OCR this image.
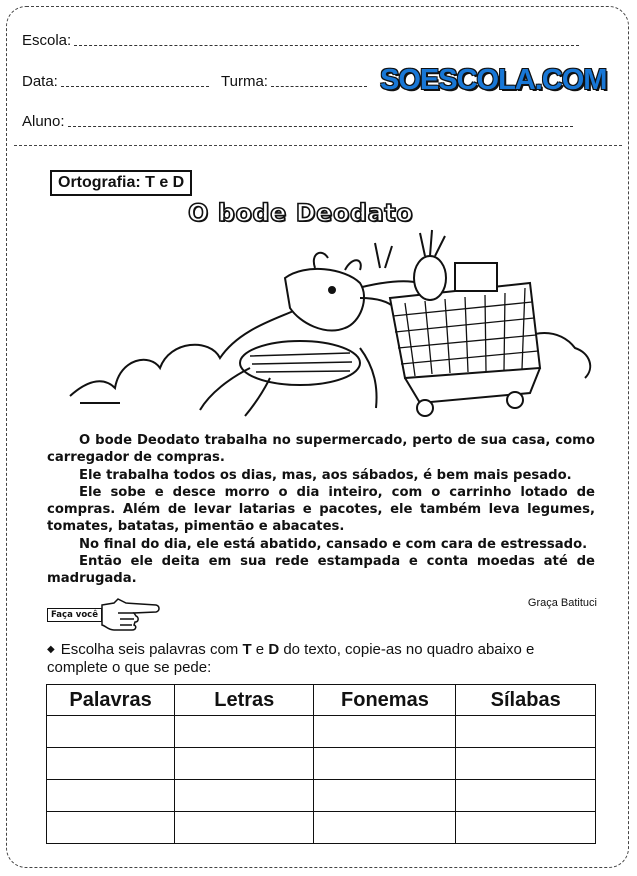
Escola:
Data:	Turma:	SOESCOLA.COM
Aluno:
Ortografia: T e D
O bode Deodato

O bode Deodato trabalha no supermercado, perto de sua casa, como carregador de compras.

Ele trabalha todos os dias, mas, aos sábados, é bem mais pesado.

Ele sobe e desce morro o dia inteiro, com o carrinho lotado de compras. Além de levar latarias e pacotes, ele também leva legumes, tomates, batatas, pimentão e abacates.

No final do dia, ele está abatido, cansado e com cara de estressado.

Então ele deita em sua rede estampada e conta moedas até de madrugada.

Graça Batituci
Faça você
◆ Escolha seis palavras com T e D do texto, copie-as no quadro abaixo e complete o que se pede:
Palavras	Letras	Fonemas	Sílabas
